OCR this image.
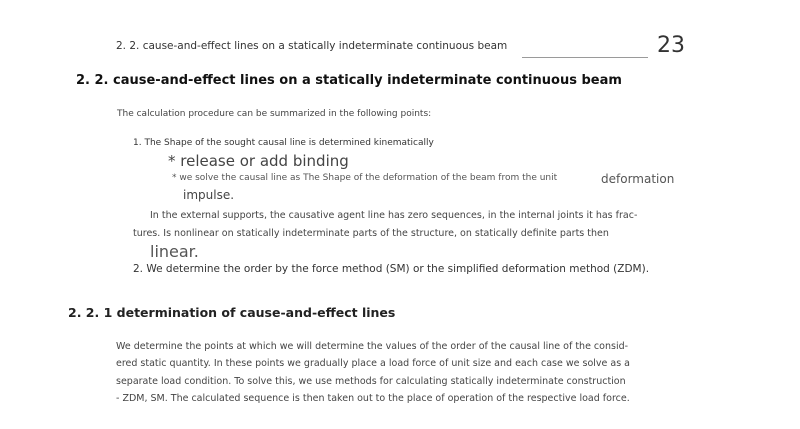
2. 2. cause-and-effect lines on a statically indeterminate continuous beam	23
2. 2. cause-and-effect lines on a statically indeterminate continuous beam
The calculation procedure can be summarized in the following points:
1. The Shape of the sought causal line is determined kinematically
* release or add binding
* we solve the causal line as The Shape of the deformation of the beam from the unit	deformation
impulse.
In the external supports, the causative agent line has zero sequences, in the internal joints it has frac-
tures. Is nonlinear on statically indeterminate parts of the structure, on statically definite parts then
linear.
2. We determine the order by the force method (SM) or the simplified deformation method (ZDM).
2. 2. 1 determination of cause-and-effect lines
We determine the points at which we will determine the values of the order of the causal line of the consid-
ered static quantity. In these points we gradually place a load force of unit size and each case we solve as a
separate load condition. To solve this, we use methods for calculating statically indeterminate construction
- ZDM, SM. The calculated sequence is then taken out to the place of operation of the respective load force.
